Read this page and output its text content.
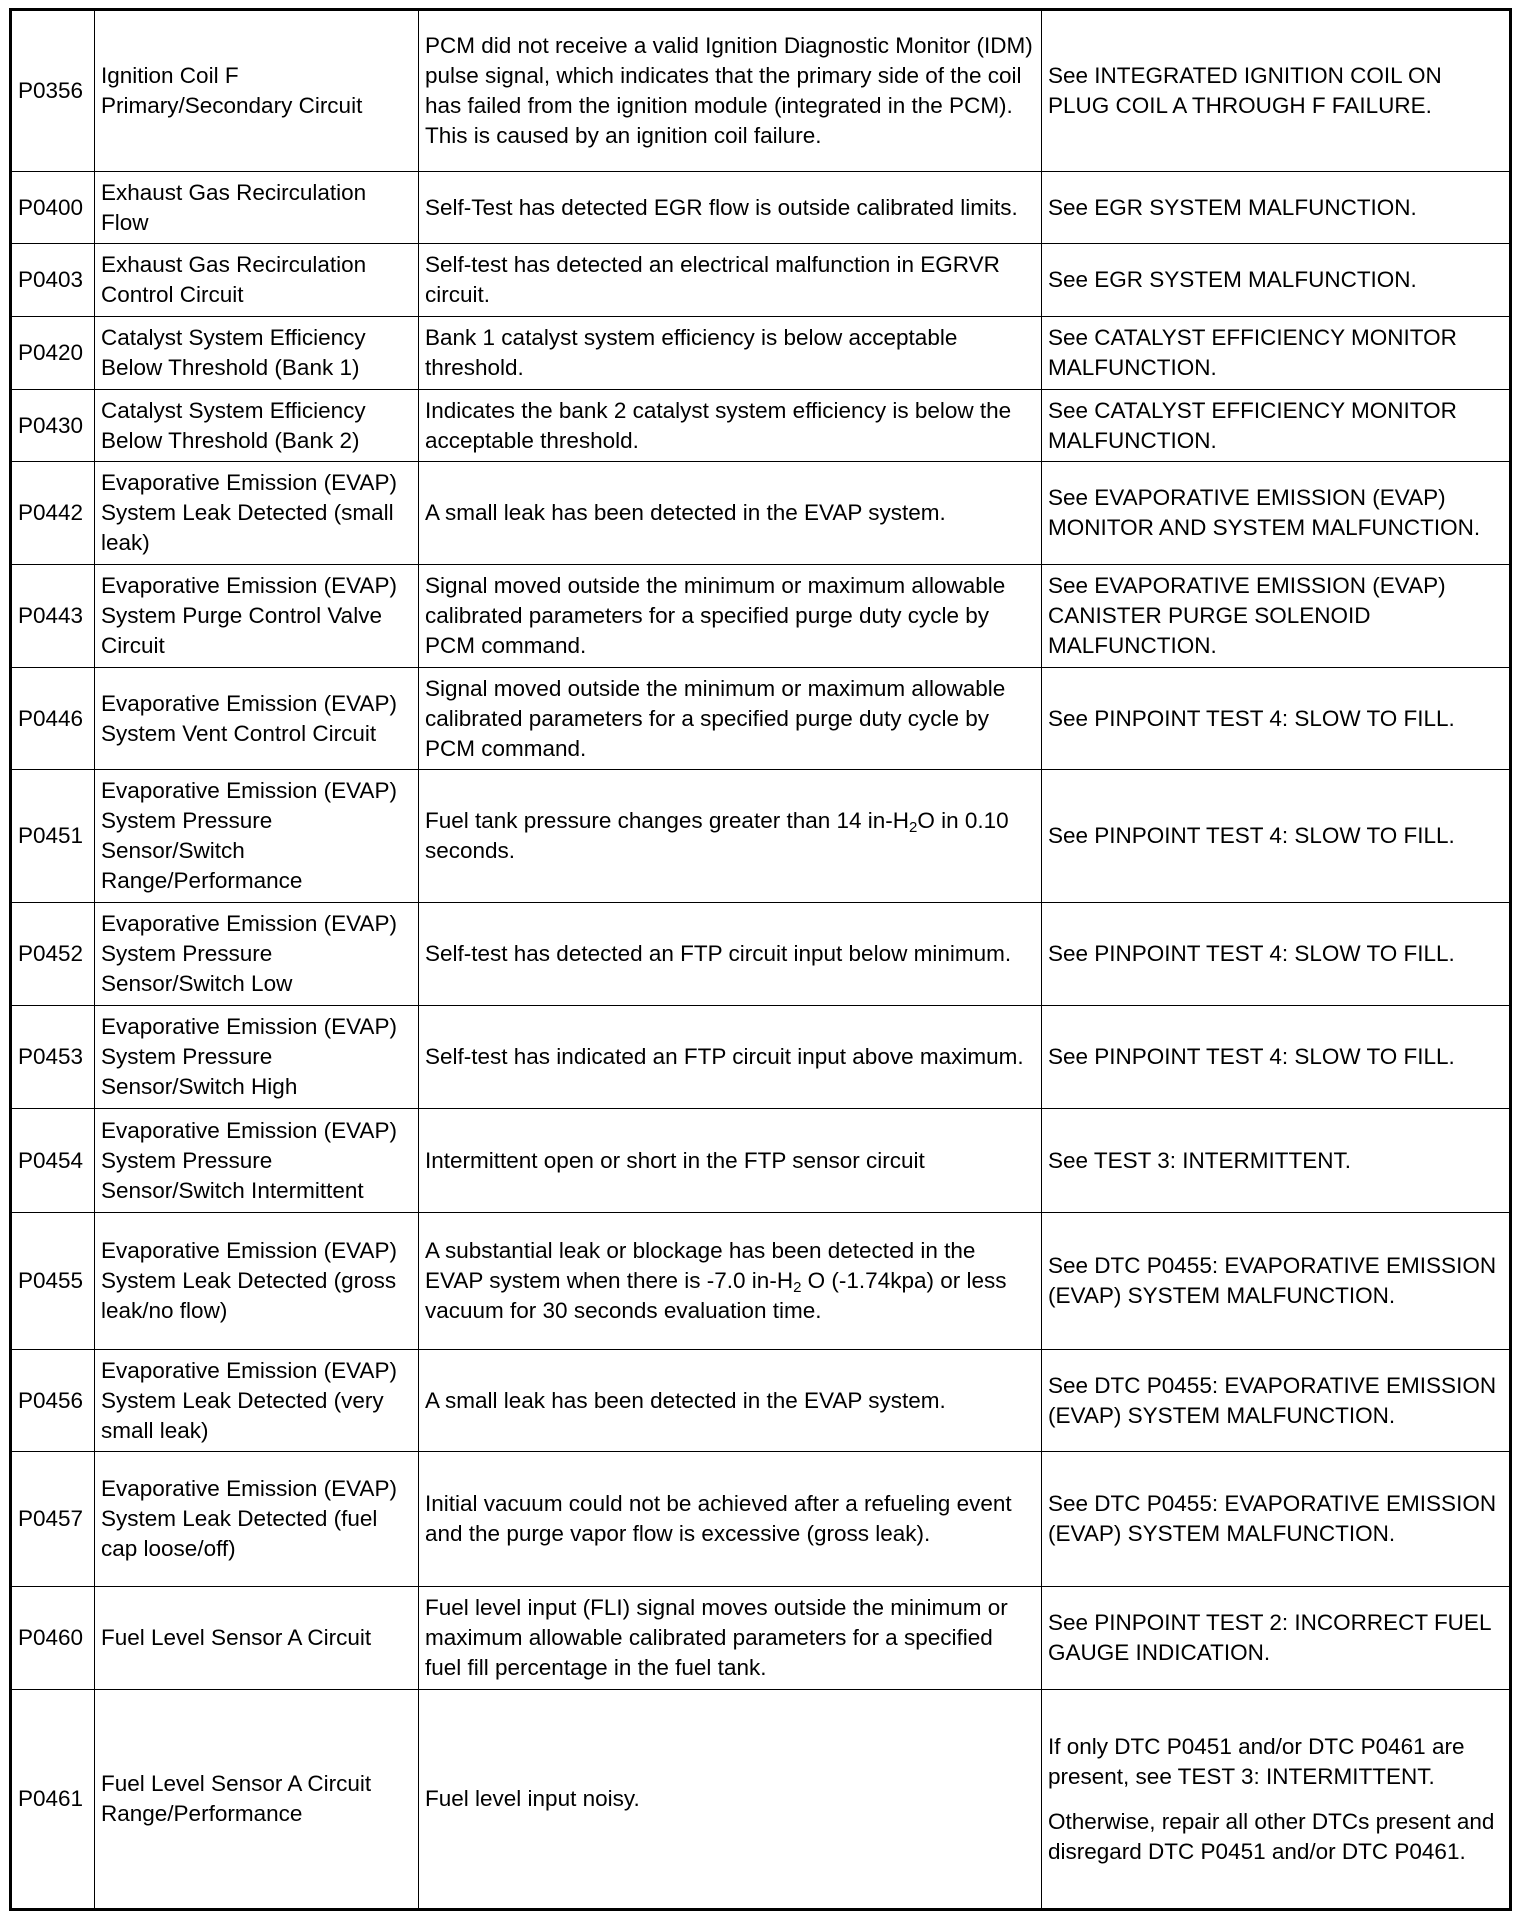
P0356	Ignition Coil F
Primary/Secondary Circuit	PCM did not receive a valid Ignition Diagnostic Monitor (IDM) pulse signal, which indicates that the primary side of the coil has failed from the ignition module (integrated in the PCM). This is caused by an ignition coil failure.	See INTEGRATED IGNITION COIL ON PLUG COIL A THROUGH F FAILURE.
P0400	Exhaust Gas Recirculation Flow	Self-Test has detected EGR flow is outside calibrated limits.	See EGR SYSTEM MALFUNCTION.
P0403	Exhaust Gas Recirculation Control Circuit	Self-test has detected an electrical malfunction in EGRVR circuit.	See EGR SYSTEM MALFUNCTION.
P0420	Catalyst System Efficiency Below Threshold (Bank 1)	Bank 1 catalyst system efficiency is below acceptable threshold.	See CATALYST EFFICIENCY MONITOR MALFUNCTION.
P0430	Catalyst System Efficiency Below Threshold (Bank 2)	Indicates the bank 2 catalyst system efficiency is below the acceptable threshold.	See CATALYST EFFICIENCY MONITOR MALFUNCTION.
P0442	Evaporative Emission (EVAP) System Leak Detected (small leak)	A small leak has been detected in the EVAP system.	See EVAPORATIVE EMISSION (EVAP) MONITOR AND SYSTEM MALFUNCTION.
P0443	Evaporative Emission (EVAP) System Purge Control Valve Circuit	Signal moved outside the minimum or maximum allowable calibrated parameters for a specified purge duty cycle by PCM command.	See EVAPORATIVE EMISSION (EVAP) CANISTER PURGE SOLENOID MALFUNCTION.
P0446	Evaporative Emission (EVAP) System Vent Control Circuit	Signal moved outside the minimum or maximum allowable calibrated parameters for a specified purge duty cycle by PCM command.	See PINPOINT TEST 4: SLOW TO FILL.
P0451	Evaporative Emission (EVAP) System Pressure Sensor/Switch Range/Performance	Fuel tank pressure changes greater than 14 $in-H_2O$ in 0.10 seconds.	See PINPOINT TEST 4: SLOW TO FILL.
P0452	Evaporative Emission (EVAP) System Pressure Sensor/Switch Low	Self-test has detected an FTP circuit input below minimum.	See PINPOINT TEST 4: SLOW TO FILL.
P0453	Evaporative Emission (EVAP) System Pressure Sensor/Switch High	Self-test has indicated an FTP circuit input above maximum.	See PINPOINT TEST 4: SLOW TO FILL.
P0454	Evaporative Emission (EVAP) System Pressure Sensor/Switch Intermittent	Intermittent open or short in the FTP sensor circuit	See TEST 3: INTERMITTENT.
P0455	Evaporative Emission (EVAP) System Leak Detected (gross leak/no flow)	A substantial leak or blockage has been detected in the EVAP system when there is -7.0 $in-H_2$ O (-1.74kpa) or less vacuum for 30 seconds evaluation time.	See DTC P0455: EVAPORATIVE EMISSION (EVAP) SYSTEM MALFUNCTION.
P0456	Evaporative Emission (EVAP) System Leak Detected (very small leak)	A small leak has been detected in the EVAP system.	See DTC P0455: EVAPORATIVE EMISSION (EVAP) SYSTEM MALFUNCTION.
P0457	Evaporative Emission (EVAP) System Leak Detected (fuel cap loose/off)	Initial vacuum could not be achieved after a refueling event and the purge vapor flow is excessive (gross leak).	See DTC P0455: EVAPORATIVE EMISSION (EVAP) SYSTEM MALFUNCTION.
P0460	Fuel Level Sensor A Circuit	Fuel level input (FLI) signal moves outside the minimum or maximum allowable calibrated parameters for a specified fuel fill percentage in the fuel tank.	See PINPOINT TEST 2: INCORRECT FUEL GAUGE INDICATION.
P0461	Fuel Level Sensor A Circuit Range/Performance	Fuel level input noisy.	If only DTC P0451 and/or DTC P0461 are present, see TEST 3: INTERMITTENT.
Otherwise, repair all other DTCs present and disregard DTC P0451 and/or DTC P0461.
